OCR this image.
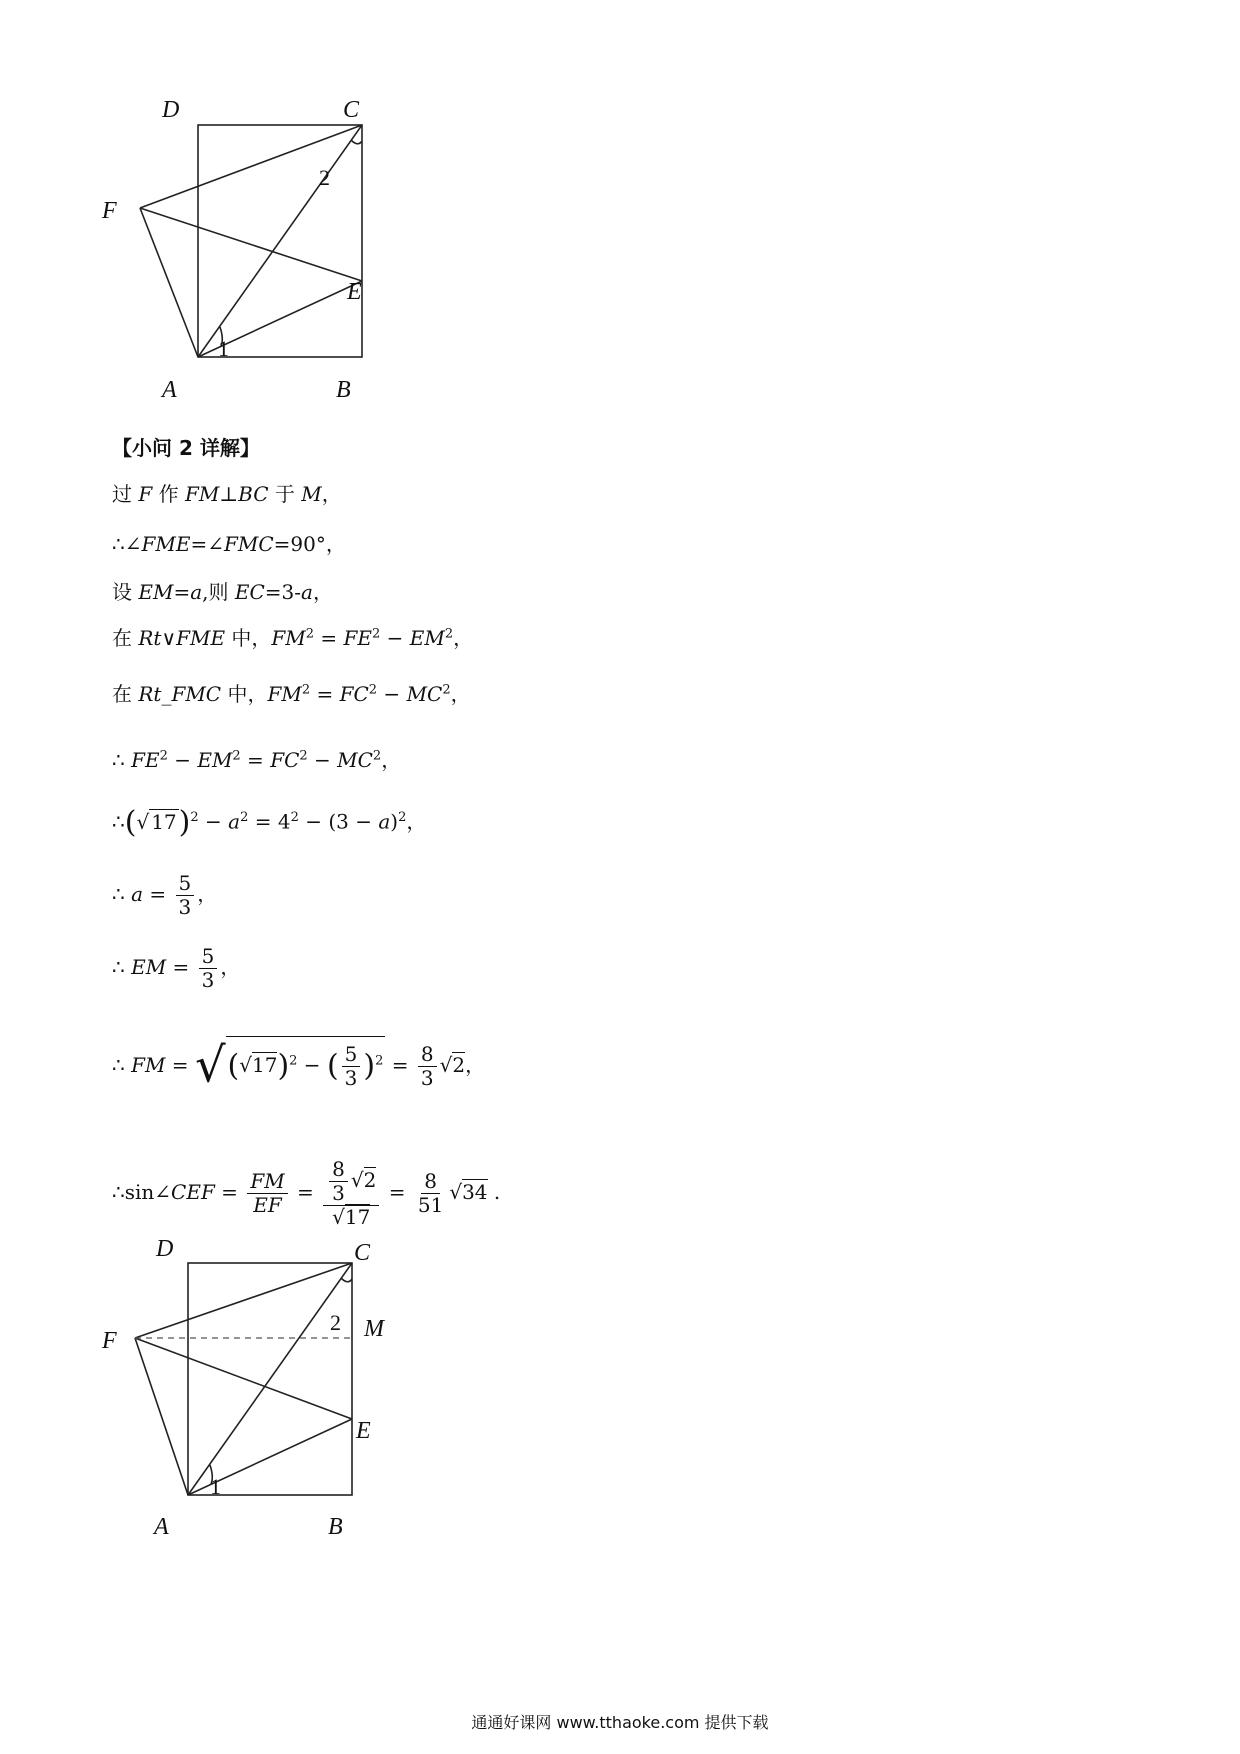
D	C
F
E
A	B
1
2
【小问 2 详解】
过 F 作 FM⊥BC 于 M，
∴∠FME=∠FMC=90°，
设 EM=a,则 EC=3-a，
在 Rt∨FME 中，$FM^2 = FE^2 - EM^2$，
在 Rt_FMC 中，$FM^2 = FC^2 - MC^2$，
∴ $FE^2 - EM^2 = FC^2 - MC^2$，
∴(√ $17)^2 - a^2 = 4^2 - (3 - a)^2$，
∴ $a = \frac{5}{3}$ ，
∴ EM = $\frac{5}{3}$ ，
∴ FM = $√(√17)^2$ − ( $\frac{5}{3} )^2 = \frac{8}{3} √2$，
∴sin∠CEF = $\frac{FM}{EF} = \frac{\frac{8}{3} √2}{√17} = \frac{8}{51} √34$ .
D	C
M
F
E
A	B
1
2
通通好课网 www.tthaoke.com 提供下载
